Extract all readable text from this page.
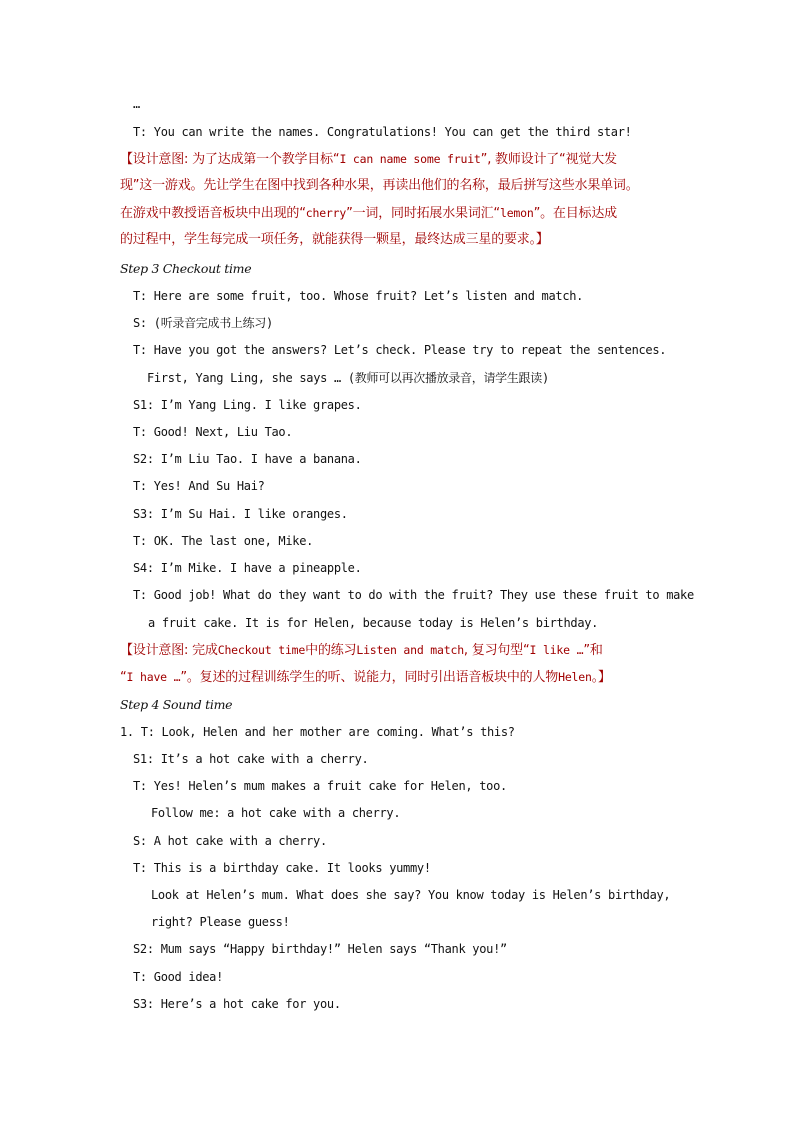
…
T: You can write the names. Congratulations! You can get the third star!
【设计意图: 为了达成第一个教学目标“I can name some fruit”, 教师设计了“视觉大发
现”这一游戏。先让学生在图中找到各种水果，再读出他们的名称，最后拼写这些水果单词。
在游戏中教授语音板块中出现的“cherry”一词，同时拓展水果词汇“lemon”。在目标达成
的过程中，学生每完成一项任务，就能获得一颗星，最终达成三星的要求。】
Step 3 Checkout time
T: Here are some fruit, too. Whose fruit? Let’s listen and match.
S: (听录音完成书上练习)
T: Have you got the answers? Let’s check. Please try to repeat the sentences.
First, Yang Ling, she says … (教师可以再次播放录音，请学生跟读)
S1: I’m Yang Ling. I like grapes.
T: Good! Next, Liu Tao.
S2: I’m Liu Tao. I have a banana.
T: Yes! And Su Hai?
S3: I’m Su Hai. I like oranges.
T: OK. The last one, Mike.
S4: I’m Mike. I have a pineapple.
T: Good job! What do they want to do with the fruit? They use these fruit to make
a fruit cake. It is for Helen, because today is Helen’s birthday.
【设计意图: 完成Checkout time中的练习Listen and match, 复习句型“I like …”和
“I have …”。复述的过程训练学生的听、说能力，同时引出语音板块中的人物Helen。】
Step 4 Sound time
1. T: Look, Helen and her mother are coming. What’s this?
S1: It’s a hot cake with a cherry.
T: Yes! Helen’s mum makes a fruit cake for Helen, too.
Follow me: a hot cake with a cherry.
S: A hot cake with a cherry.
T: This is a birthday cake. It looks yummy!
Look at Helen’s mum. What does she say? You know today is Helen’s birthday,
right? Please guess!
S2: Mum says “Happy birthday!” Helen says “Thank you!”
T: Good idea!
S3: Here’s a hot cake for you.
